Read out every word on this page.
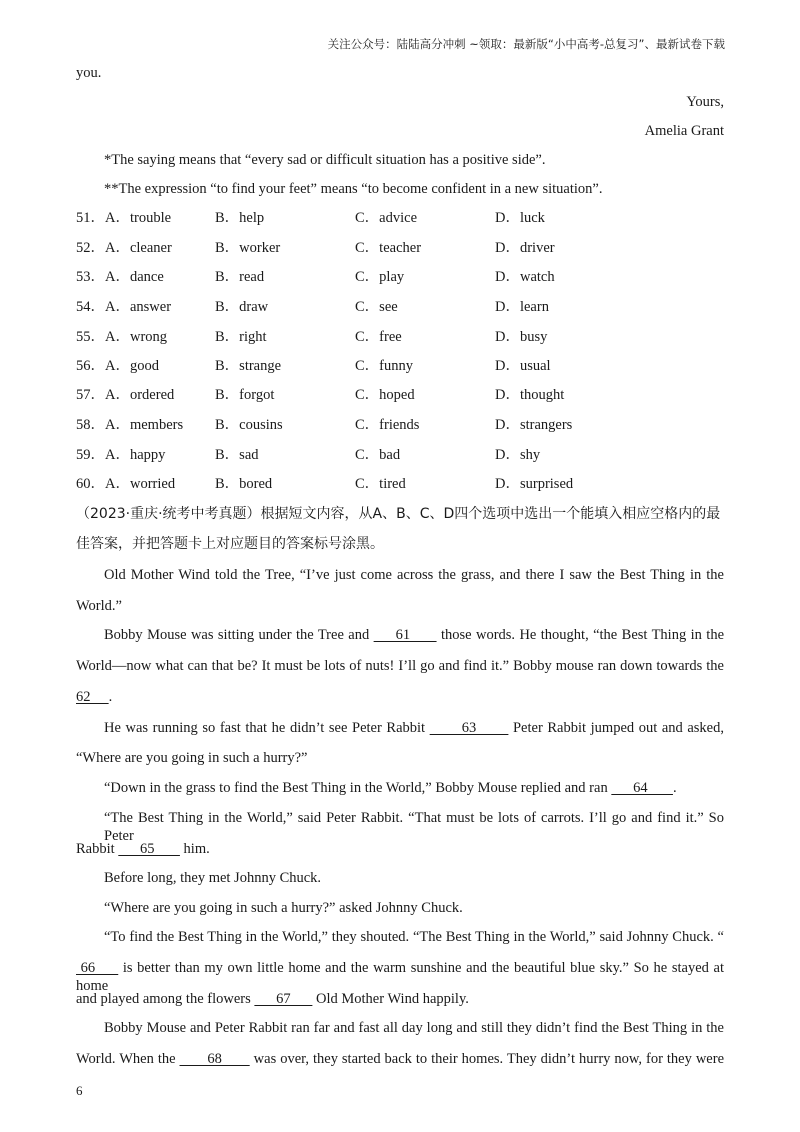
关注公众号：陆陆高分冲刺 ~领取：最新版“小中高考-总复习”、最新试卷下载
you.
Yours,
Amelia Grant
*The saying means that “every sad or difficult situation has a positive side”.
**The expression “to find your feet” means “to become confident in a new situation”.
51． A．trouble	B．help	C．advice	D．luck
52． A．cleaner	B．worker	C．teacher	D．driver
53． A．dance	B．read	C．play	D．watch
54． A．answer	B．draw	C．see	D．learn
55． A．wrong	B．right	C．free	D．busy
56． A．good	B．strange	C．funny	D．usual
57． A．ordered	B．forgot	C．hoped	D．thought
58． A．members B．cousins	C．friends	D．strangers
59． A．happy	B．sad	C．bad	D．shy
60． A．worried	B．bored	C．tired	D．surprised
（2023·重庆·统考中考真题）根据短文内容，从A、B、C、D四个选项中选出一个能填入相应空格内的最
佳答案，并把答题卡上对应题目的答案标号涂黑。
Old Mother Wind told the Tree, “I’ve just come across the grass, and there I saw the Best Thing in the
World.”
Bobby Mouse was sitting under the Tree and      61       those words. He thought, “the Best Thing in the
World—now what can that be? It must be lots of nuts! I’ll go and find it.” Bobby mouse ran down towards the
62     .
He was running so fast that he didn’t see Peter Rabbit        63        Peter Rabbit jumped out and asked,
“Where are you going in such a hurry?”
“Down in the grass to find the Best Thing in the World,” Bobby Mouse replied and ran       64       .
“The Best Thing in the World,” said Peter Rabbit. “That must be lots of carrots. I’ll go and find it.” So Peter
Rabbit       65        him.
Before long, they met Johnny Chuck.
“Where are you going in such a hurry?” asked Johnny Chuck.
“To find the Best Thing in the World,” they shouted. “The Best Thing in the World,” said Johnny Chuck. “
66      is better than my own little home and the warm sunshine and the beautiful blue sky.” So he stayed at home
and played among the flowers       67       Old Mother Wind happily.
Bobby Mouse and Peter Rabbit ran far and fast all day long and still they didn’t find the Best Thing in the
World. When the        68        was over, they started back to their homes. They didn’t hurry now, for they were
6
